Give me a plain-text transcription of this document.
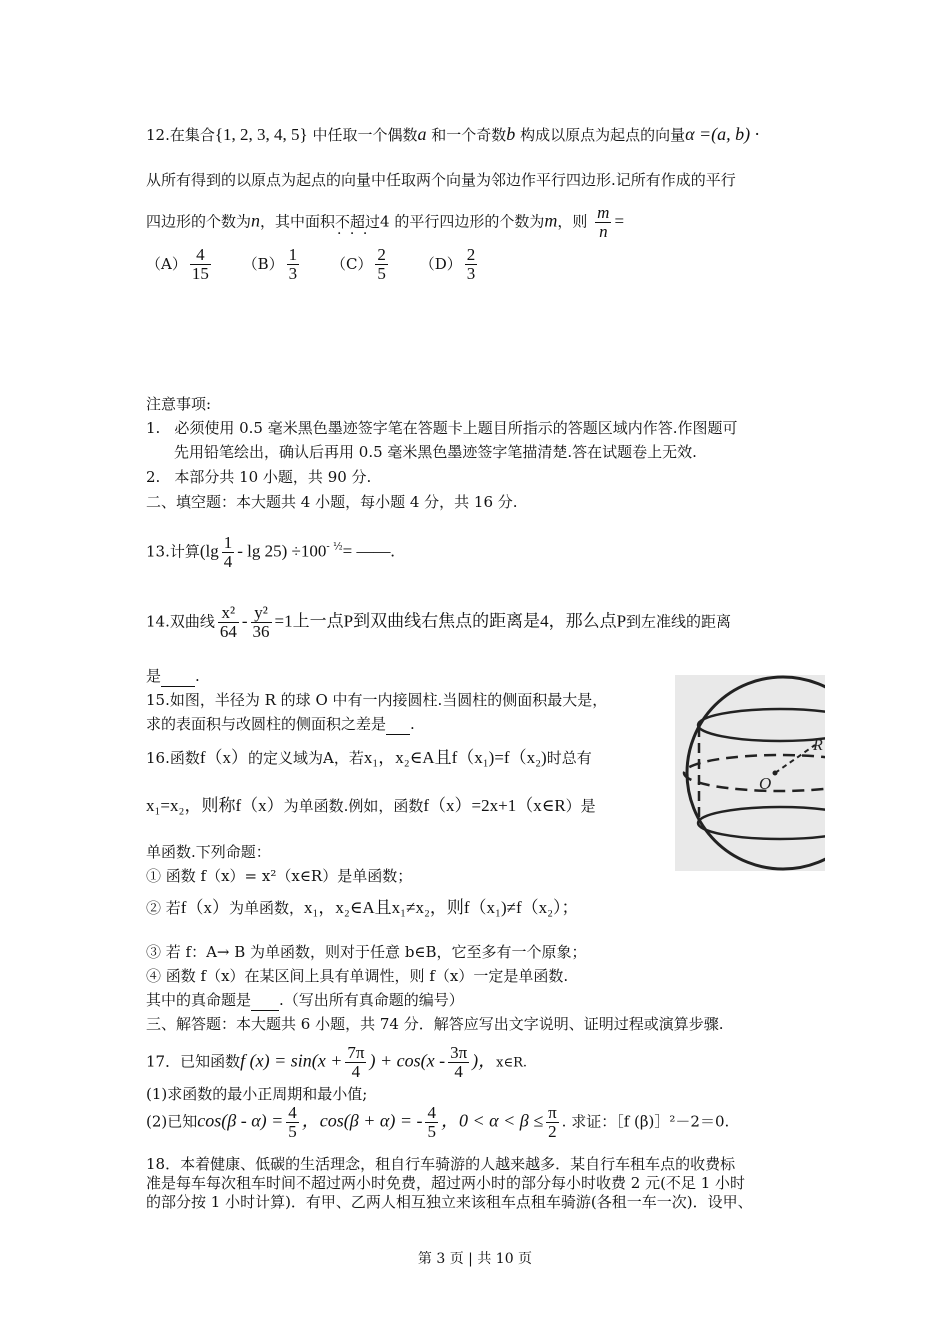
12.在集合{1, 2, 3, 4, 5} 中任取一个偶数a 和一个奇数b 构成以原点为起点的向量α =(a, b) ·
从所有得到的以原点为起点的向量中任取两个向量为邻边作平行四边形.记所有作成的平行
四边形的个数为n，其中面积不超过 · · ·4 的平行四边形的个数为m，则 $\frac{m}{n}$ =
$(A) \frac{4}{15} (B) \frac{1}{3} (C) \frac{2}{5} (D) \frac{2}{3}$
注意事项:
1. 必须使用 0.5 毫米黑色墨迹签字笔在答题卡上题目所指示的答题区域内作答.作图题可
先用铅笔绘出，确认后再用 0.5 毫米黑色墨迹签字笔描清楚.答在试题卷上无效.
2. 本部分共 10 小题，共 90 分.
二、填空题：本大题共 4 小题，每小题 4 分，共 16 分.
13.计算$(\lg \frac{1}{4} - \lg 25) \div 100^{- \frac{1}{2}}=$ ——.
14.双曲线 $\frac{\text{x²}}{64} - \frac{\text{y²}}{36} =1$上一点P到双曲线右焦点的距离是4，那么点P到左准线的距离
是 .
15.如图，半径为 R 的球 O 中有一内接圆柱.当圆柱的侧面积最大是，
求的表面积与改圆柱的侧面积之差是 .
R
O
16.函数f（x）的定义域为A，若x₁，x₂∈A且f（x₁)=f（x₂)时总有
x₁=x₂，则称f（x）为单函数.例如，函数f（x）=2x+1（x∈R）是
单函数.下列命题：
① 函数 f（x）= x²（x∈R）是单函数；
② 若f（x）为单函数，x₁，x₂∈A且x₁≠x₂，则f（x₁)≠f（x₂）；
③ 若 f：A→ B 为单函数，则对于任意 b∈B，它至多有一个原象；
④ 函数 f（x）在某区间上具有单调性，则 f（x）一定是单函数.
其中的真命题是 .（写出所有真命题的编号）
三、解答题：本大题共 6 小题，共 74 分．解答应写出文字说明、证明过程或演算步骤.
17．已知函数f $(x) = \sin(x + \frac{7\pi}{4}$ ) + $\cos(x - \frac{3\pi}{4}$ )，x∈R.
(1)求函数的最小正周期和最小值;
(2)已知$\cos(\beta - \alpha) = \frac{4}{5}$ ，cos(β + α) = - $\frac{4}{5}$ ，$0 < \alpha < \beta \le \frac{\pi}{2}$ . 求证：［f (β)］²－2＝0.
18．本着健康、低碳的生活理念，租自行车骑游的人越来越多．某自行车租车点的收费标
准是每车每次租车时间不超过两小时免费，超过两小时的部分每小时收费 2 元(不足 1 小时
的部分按 1 小时计算)．有甲、乙两人相互独立来该租车点租车骑游(各租一车一次)．设甲、
第 3 页 | 共 10 页
